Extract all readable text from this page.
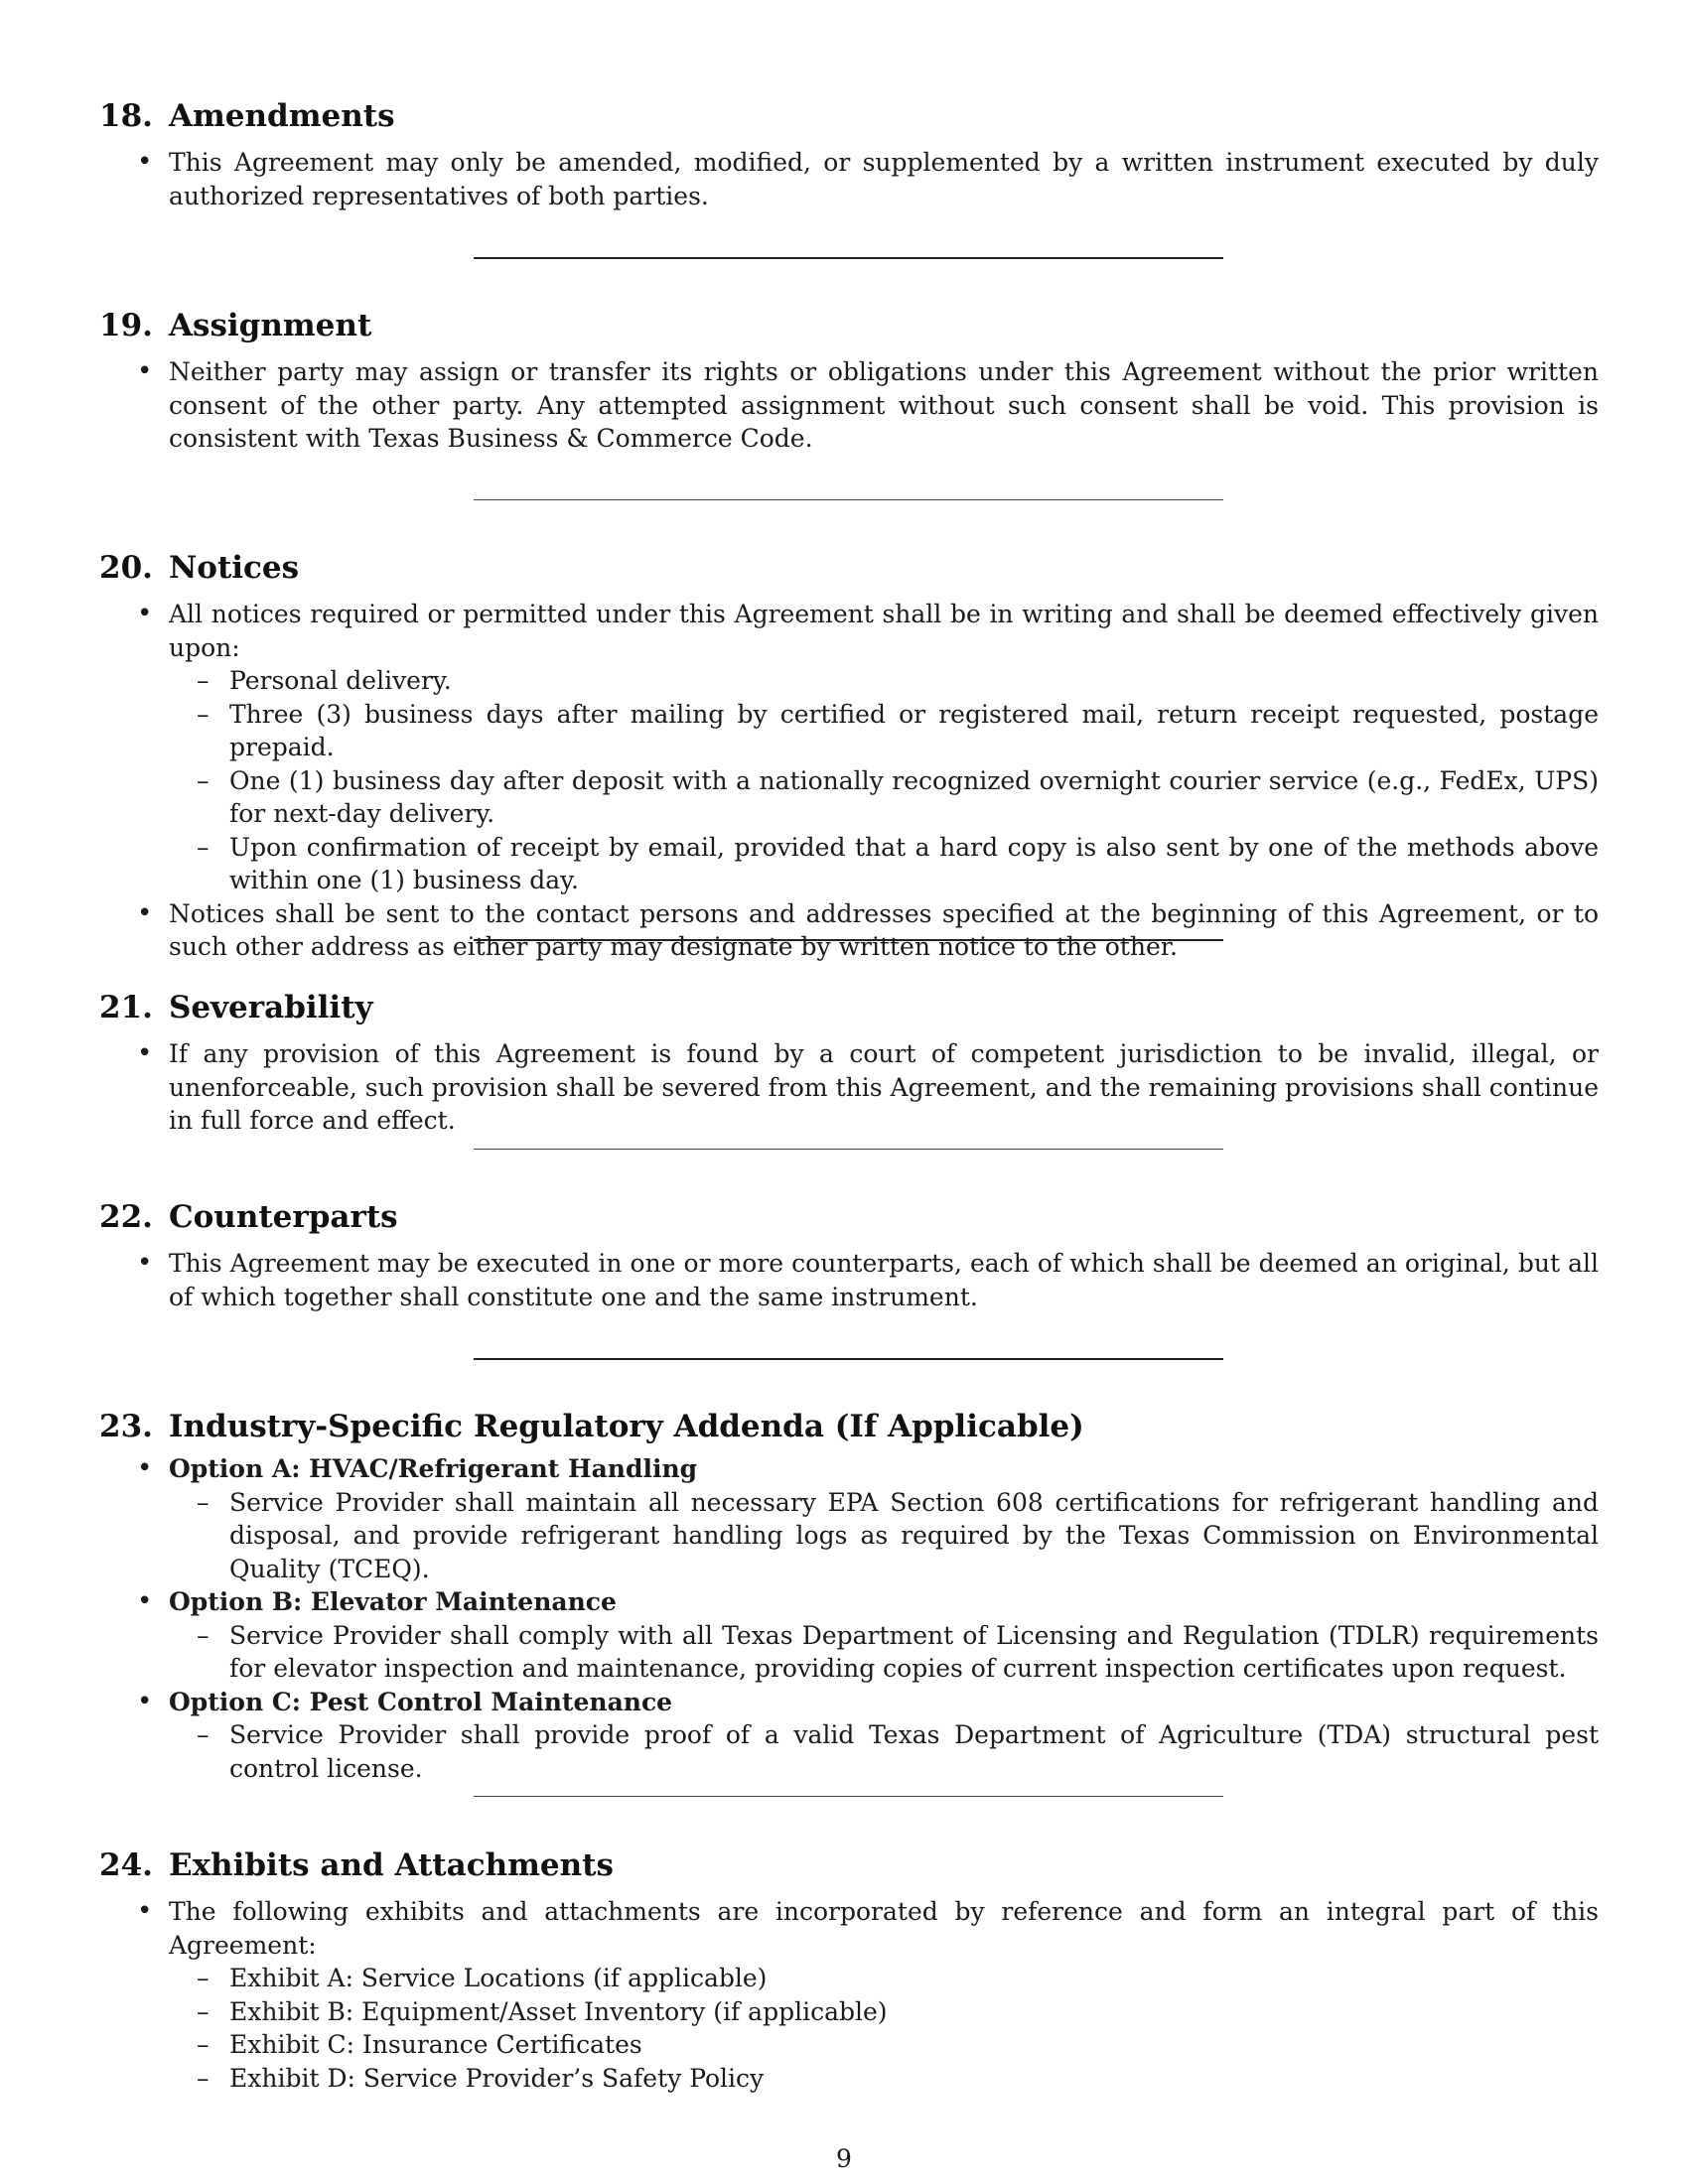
18. Amendments
• This Agreement may only be amended, modified, or supplemented by a written instrument executed by duly authorized representatives of both parties.
19. Assignment
• Neither party may assign or transfer its rights or obligations under this Agreement without the prior written consent of the other party. Any attempted assignment without such consent shall be void. This provision is consistent with Texas Business & Commerce Code.
20. Notices
• All notices required or permitted under this Agreement shall be in writing and shall be deemed effectively given upon:
– Personal delivery.
– Three (3) business days after mailing by certified or registered mail, return receipt requested, postage prepaid.
– One (1) business day after deposit with a nationally recognized overnight courier service (e.g., FedEx, UPS) for next-day delivery.
– Upon confirmation of receipt by email, provided that a hard copy is also sent by one of the methods above within one (1) business day.
• Notices shall be sent to the contact persons and addresses specified at the beginning of this Agreement, or to such other address as either party may designate by written notice to the other.
21. Severability
• If any provision of this Agreement is found by a court of competent jurisdiction to be invalid, illegal, or unenforceable, such provision shall be severed from this Agreement, and the remaining provisions shall continue in full force and effect.
22. Counterparts
• This Agreement may be executed in one or more counterparts, each of which shall be deemed an original, but all of which together shall constitute one and the same instrument.
23. Industry-Specific Regulatory Addenda (If Applicable)
• Option A: HVAC/Refrigerant Handling
– Service Provider shall maintain all necessary EPA Section 608 certifications for refrigerant handling and disposal, and provide refrigerant handling logs as required by the Texas Commission on Environmental Quality (TCEQ).
• Option B: Elevator Maintenance
– Service Provider shall comply with all Texas Department of Licensing and Regulation (TDLR) requirements for elevator inspection and maintenance, providing copies of current inspection certificates upon request.
• Option C: Pest Control Maintenance
– Service Provider shall provide proof of a valid Texas Department of Agriculture (TDA) structural pest control license.
24. Exhibits and Attachments
• The following exhibits and attachments are incorporated by reference and form an integral part of this Agreement:
– Exhibit A: Service Locations (if applicable)
– Exhibit B: Equipment/Asset Inventory (if applicable)
– Exhibit C: Insurance Certificates
– Exhibit D: Service Provider’s Safety Policy
9
